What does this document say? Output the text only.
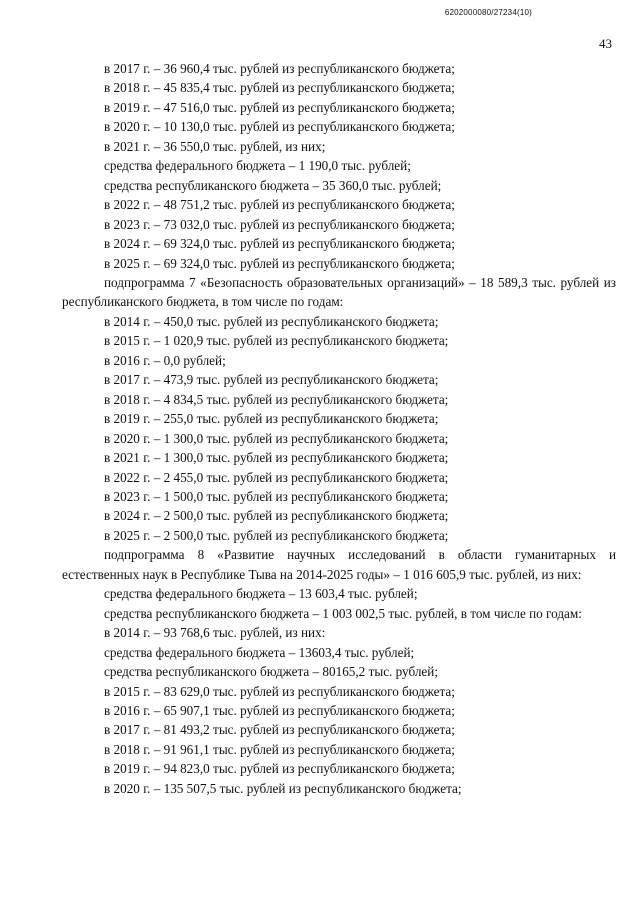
6202000080/27234(10)
43

в 2017 г. – 36 960,4 тыс. рублей из республиканского бюджета;

в 2018 г. – 45 835,4 тыс. рублей из республиканского бюджета;

в 2019 г. – 47 516,0 тыс. рублей из республиканского бюджета;

в 2020 г. – 10 130,0 тыс. рублей из республиканского бюджета;

в 2021 г. – 36 550,0 тыс. рублей, из них;

средства федерального бюджета – 1 190,0 тыс. рублей;

средства республиканского бюджета – 35 360,0 тыс. рублей;

в 2022 г. – 48 751,2 тыс. рублей из республиканского бюджета;

в 2023 г. – 73 032,0 тыс. рублей из республиканского бюджета;

в 2024 г. – 69 324,0 тыс. рублей из республиканского бюджета;

в 2025 г. – 69 324,0 тыс. рублей из республиканского бюджета;

подпрограмма 7 «Безопасность образовательных организаций» – 18 589,3 тыс. рублей из республиканского бюджета, в том числе по годам:

в 2014 г. – 450,0 тыс. рублей из республиканского бюджета;

в 2015 г. – 1 020,9 тыс. рублей из республиканского бюджета;

в 2016 г. – 0,0 рублей;

в 2017 г. – 473,9 тыс. рублей из республиканского бюджета;

в 2018 г. – 4 834,5 тыс. рублей из республиканского бюджета;

в 2019 г. – 255,0 тыс. рублей из республиканского бюджета;

в 2020 г. – 1 300,0 тыс. рублей из республиканского бюджета;

в 2021 г. – 1 300,0 тыс. рублей из республиканского бюджета;

в 2022 г. – 2 455,0 тыс. рублей из республиканского бюджета;

в 2023 г. – 1 500,0 тыс. рублей из республиканского бюджета;

в 2024 г. – 2 500,0 тыс. рублей из республиканского бюджета;

в 2025 г. – 2 500,0 тыс. рублей из республиканского бюджета;

подпрограмма 8 «Развитие научных исследований в области гуманитарных и естественных наук в Республике Тыва на 2014-2025 годы» – 1 016 605,9 тыс. рублей, из них:

средства федерального бюджета – 13 603,4 тыс. рублей;

средства республиканского бюджета – 1 003 002,5 тыс. рублей, в том числе по годам:

в 2014 г. – 93 768,6 тыс. рублей, из них:

средства федерального бюджета – 13603,4 тыс. рублей;

средства республиканского бюджета – 80165,2 тыс. рублей;

в 2015 г. – 83 629,0 тыс. рублей из республиканского бюджета;

в 2016 г. – 65 907,1 тыс. рублей из республиканского бюджета;

в 2017 г. – 81 493,2 тыс. рублей из республиканского бюджета;

в 2018 г. – 91 961,1 тыс. рублей из республиканского бюджета;

в 2019 г. – 94 823,0 тыс. рублей из республиканского бюджета;

в 2020 г. – 135 507,5 тыс. рублей из республиканского бюджета;
